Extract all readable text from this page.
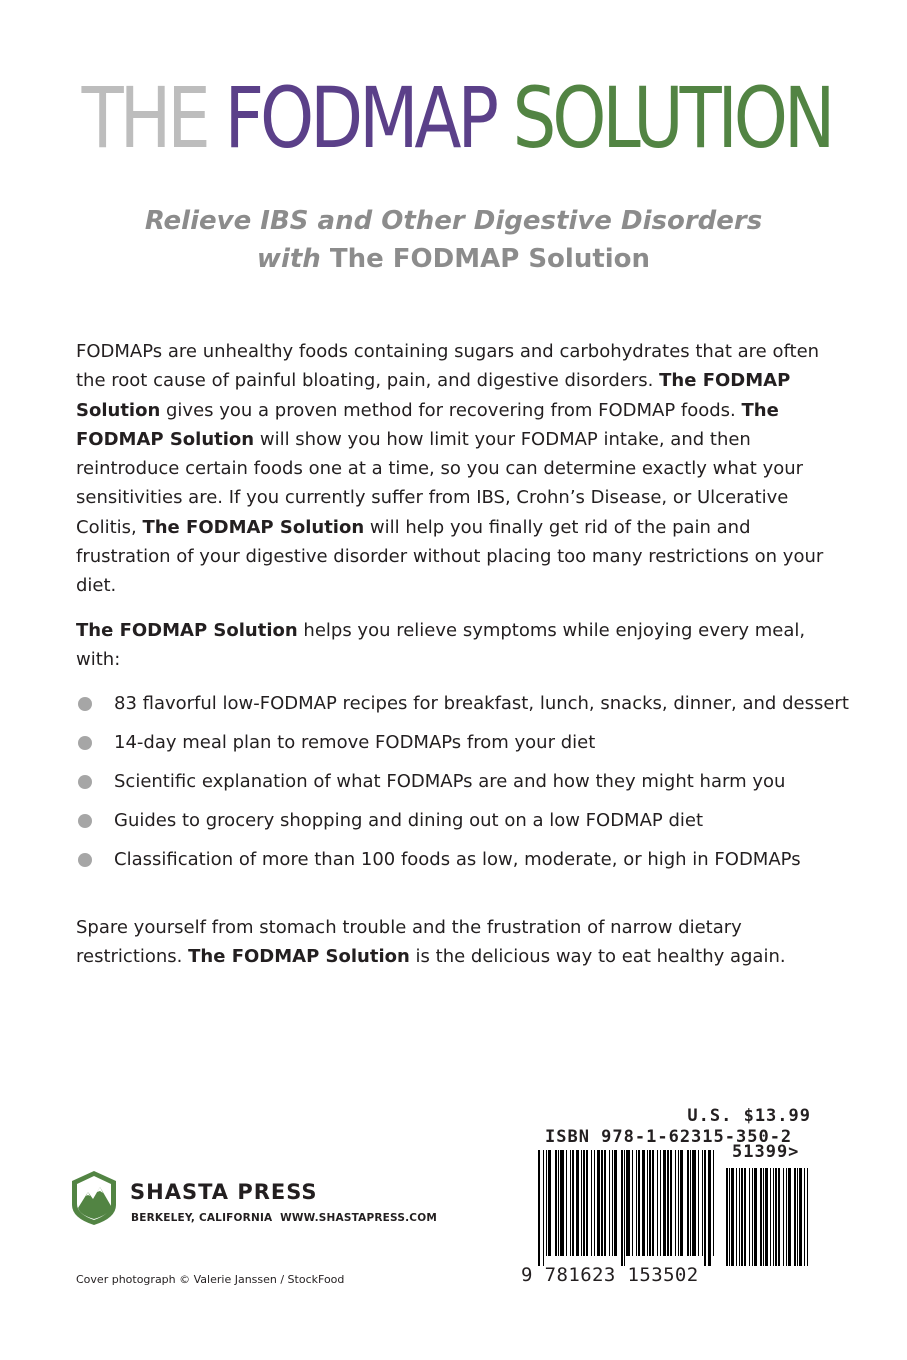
THE FODMAP SOLUTION
Relieve IBS and Other Digestive Disorders
with The FODMAP Solution
FODMAPs are unhealthy foods containing sugars and carbohydrates that are often the root cause of painful bloating, pain, and digestive disorders. The FODMAP Solution gives you a proven method for recovering from FODMAP foods. The FODMAP Solution will show you how limit your FODMAP intake, and then reintroduce certain foods one at a time, so you can determine exactly what your sensitivities are. If you currently suffer from IBS, Crohn’s Disease, or Ulcerative Colitis, The FODMAP Solution will help you finally get rid of the pain and frustration of your digestive disorder without placing too many restrictions on your diet.
The FODMAP Solution helps you relieve symptoms while enjoying every meal, with:
83 flavorful low-FODMAP recipes for breakfast, lunch, snacks, dinner, and dessert
14-day meal plan to remove FODMAPs from your diet
Scientific explanation of what FODMAPs are and how they might harm you
Guides to grocery shopping and dining out on a low FODMAP diet
Classification of more than 100 foods as low, moderate, or high in FODMAPs
Spare yourself from stomach trouble and the frustration of narrow dietary restrictions. The FODMAP Solution is the delicious way to eat healthy again.
SHASTA PRESS
BERKELEY, CALIFORNIA WWW.SHASTAPRESS.COM
Cover photograph © Valerie Janssen / StockFood
U.S. $13.99
ISBN 978-1-62315-350-2
51399>
9 781623 153502
